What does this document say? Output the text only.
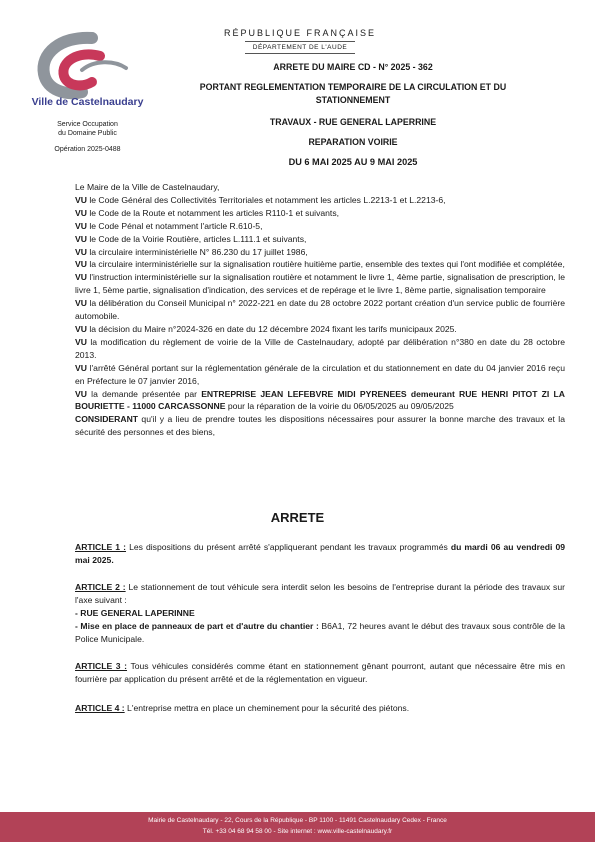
Ville de Castelnaudary
Service Occupation
du Domaine Public
Opération 2025-0488
RÉPUBLIQUE FRANÇAISE
DÉPARTEMENT DE L'AUDE
ARRETE DU MAIRE CD - N° 2025 - 362
PORTANT REGLEMENTATION TEMPORAIRE DE LA CIRCULATION ET DU
STATIONNEMENT
TRAVAUX - RUE GENERAL LAPERRINE
REPARATION VOIRIE
DU 6 MAI 2025 AU 9 MAI 2025

Le Maire de la Ville de Castelnaudary,

VU le Code Général des Collectivités Territoriales et notamment les articles L.2213-1 et L.2213-6,

VU le Code de la Route et notamment les articles R110-1 et suivants,

VU le Code Pénal et notamment l'article R.610-5,

VU le Code de la Voirie Routière, articles L.111.1 et suivants,

VU la circulaire interministérielle N° 86.230 du 17 juillet 1986,

VU la circulaire interministérielle sur la signalisation routière huitième partie, ensemble des textes qui l'ont modifiée et complétée,

VU l'instruction interministérielle sur la signalisation routière et notamment le livre 1, 4ème partie, signalisation de prescription, le livre 1, 5ème partie, signalisation d'indication, des services et de repérage et le livre 1, 8ème partie, signalisation temporaire

VU la délibération du Conseil Municipal n° 2022-221 en date du 28 octobre 2022 portant création d'un service public de fourrière automobile.

VU la décision du Maire n°2024-326 en date du 12 décembre 2024 fixant les tarifs municipaux 2025.

VU la modification du règlement de voirie de la Ville de Castelnaudary, adopté par délibération n°380 en date du 28 octobre 2013.

VU l'arrêté Général portant sur la réglementation générale de la circulation et du stationnement en date du 04 janvier 2016 reçu en Préfecture le 07 janvier 2016,

VU la demande présentée par ENTREPRISE JEAN LEFEBVRE MIDI PYRENEES demeurant RUE HENRI PITOT ZI LA BOURIETTE - 11000 CARCASSONNE pour la réparation de la voirie du 06/05/2025 au 09/05/2025

CONSIDERANT qu'il y a lieu de prendre toutes les dispositions nécessaires pour assurer la bonne marche des travaux et la sécurité des personnes et des biens,

ARRETE

ARTICLE 1 : Les dispositions du présent arrêté s'appliquerant pendant les travaux programmés du mardi 06 au vendredi 09 mai 2025.

ARTICLE 2 : Le stationnement de tout véhicule sera interdit selon les besoins de l'entreprise durant la période des travaux sur l'axe suivant :

- RUE GENERAL LAPERINNE

- Mise en place de panneaux de part et d'autre du chantier : B6A1, 72 heures avant le début des travaux sous contrôle de la Police Municipale.

ARTICLE 3 : Tous véhicules considérés comme étant en stationnement gênant pourront, autant que nécessaire être mis en fourrière par application du présent arrêté et de la réglementation en vigueur.

ARTICLE 4 : L'entreprise mettra en place un cheminement pour la sécurité des piétons.

Mairie de Castelnaudary - 22, Cours de la République - BP 1100 - 11491 Castelnaudary Cedex - France
Tél. +33 04 68 94 58 00 - Site internet : www.ville-castelnaudary.fr
